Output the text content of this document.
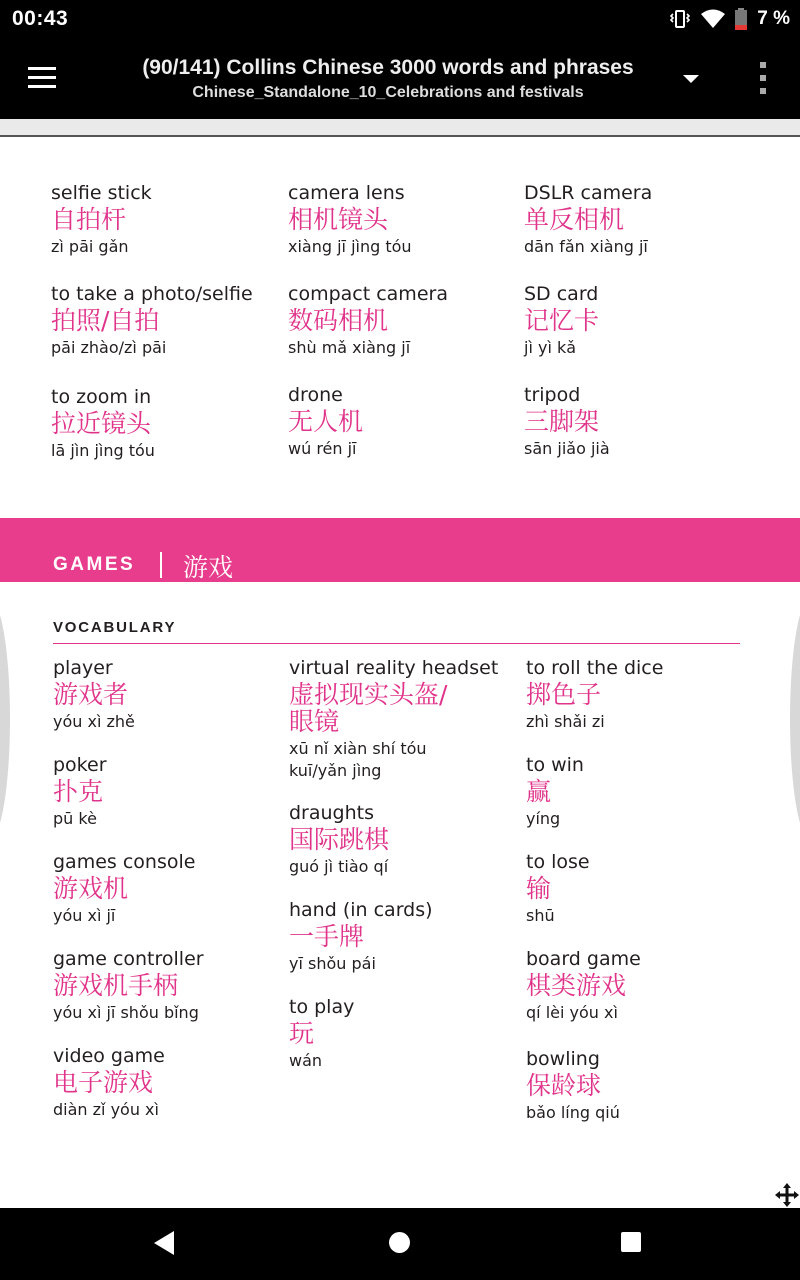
00:43	7 %
(90/141) Collins Chinese 3000 words and phrases
Chinese_Standalone_10_Celebrations and festivals
selfie stick
自拍杆
zì pāi gǎn
camera lens
相机镜头
xiàng jī jìng tóu
DSLR camera
单反相机
dān fǎn xiàng jī
to take a photo/selfie
拍照/自拍
pāi zhào/zì pāi
compact camera
数码相机
shù mǎ xiàng jī
SD card
记忆卡
jì yì kǎ
to zoom in
拉近镜头
lā jìn jìng tóu
drone
无人机
wú rén jī
tripod
三脚架
sān jiǎo jià
GAMES 游戏
VOCABULARY
player
游戏者
yóu xì zhě
poker
扑克
pū kè
games console
游戏机
yóu xì jī
game controller
游戏机手柄
yóu xì jī shǒu bǐng
video game
电子游戏
diàn zǐ yóu xì
virtual reality headset
虚拟现实头盔/眼镜
xū nǐ xiàn shí tóu kuī/yǎn jìng
draughts
国际跳棋
guó jì tiào qí
hand (in cards)
一手牌
yī shǒu pái
to play
玩
wán
to roll the dice
掷色子
zhì shǎi zi
to win
赢
yíng
to lose
输
shū
board game
棋类游戏
qí lèi yóu xì
bowling
保龄球
bǎo líng qiú
